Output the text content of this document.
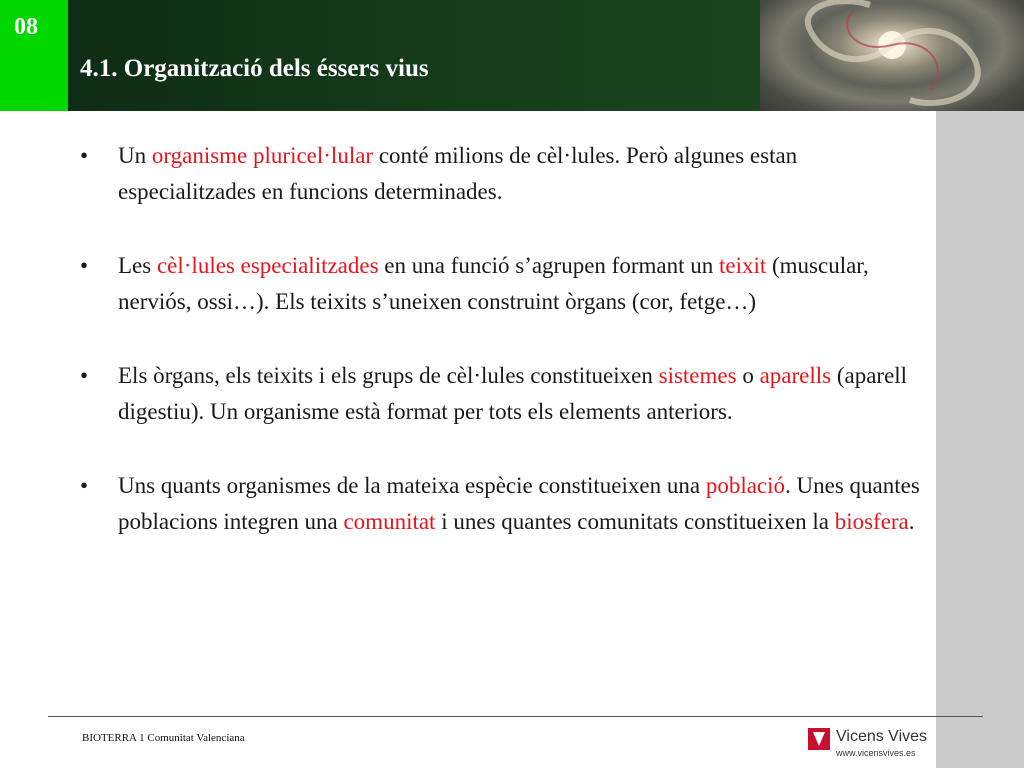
08
4.1. Organització dels éssers vius
• Un organisme pluricel·lular conté milions de cèl·lules. Però algunes estan especialitzades en funcions determinades.
• Les cèl·lules especialitzades en una funció s’agrupen formant un teixit (muscular, nerviós, ossi…). Els teixits s’uneixen construint òrgans (cor, fetge…)
• Els òrgans, els teixits i els grups de cèl·lules constitueixen sistemes o aparells (aparell digestiu). Un organisme està format per tots els elements anteriors.
• Uns quants organismes de la mateixa espècie constitueixen una població. Unes quantes poblacions integren una comunitat i unes quantes comunitats constitueixen la biosfera.
BIOTERRA 1 Comunitat Valenciana	Vicens Vives
www.vicensvives.es
